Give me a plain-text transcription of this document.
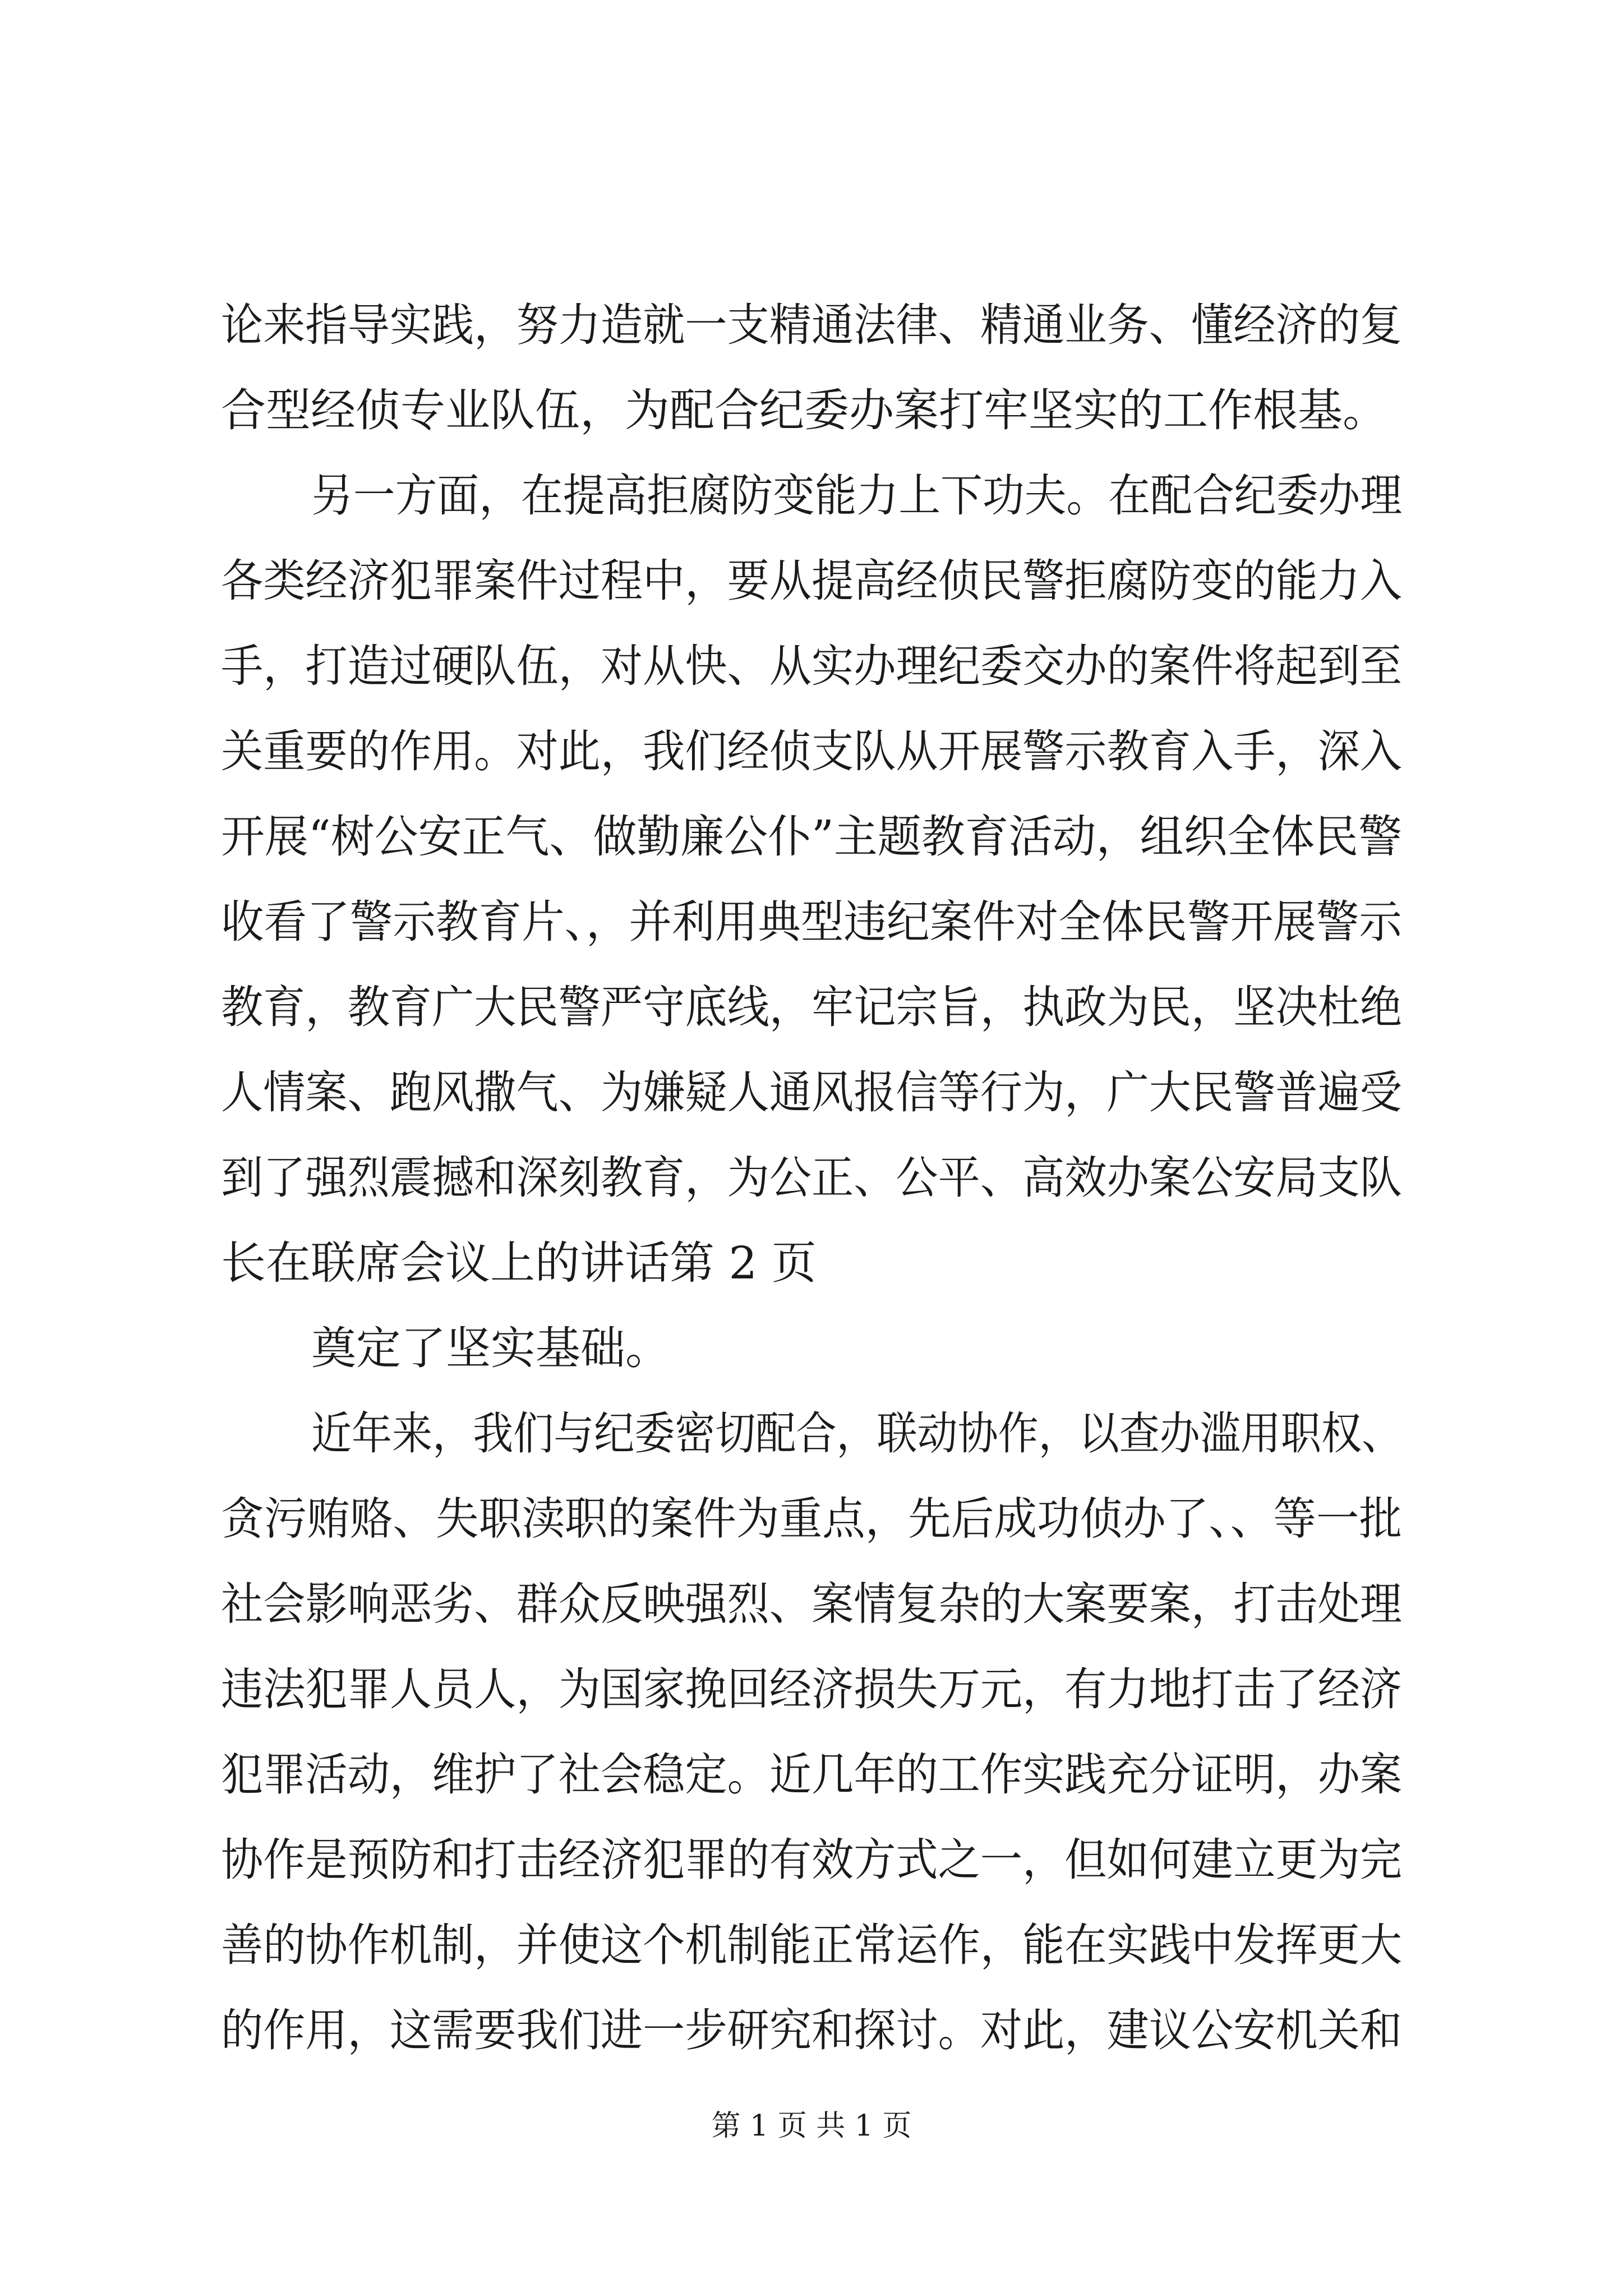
论来指导实践，努力造就一支精通法律、精通业务、懂经济的复
合型经侦专业队伍，为配合纪委办案打牢坚实的工作根基。
另一方面，在提高拒腐防变能力上下功夫。在配合纪委办理
各类经济犯罪案件过程中，要从提高经侦民警拒腐防变的能力入
手，打造过硬队伍，对从快、从实办理纪委交办的案件将起到至
关重要的作用。对此，我们经侦支队从开展警示教育入手，深入
开展“树公安正气、做勤廉公仆”主题教育活动，组织全体民警
收看了警示教育片、，并利用典型违纪案件对全体民警开展警示
教育，教育广大民警严守底线，牢记宗旨，执政为民，坚决杜绝
人情案、跑风撒气、为嫌疑人通风报信等行为，广大民警普遍受
到了强烈震撼和深刻教育，为公正、公平、高效办案公安局支队
长在联席会议上的讲话第 2 页
奠定了坚实基础。
近年来，我们与纪委密切配合，联动协作，以查办滥用职权、
贪污贿赂、失职渎职的案件为重点，先后成功侦办了、、等一批
社会影响恶劣、群众反映强烈、案情复杂的大案要案，打击处理
违法犯罪人员人，为国家挽回经济损失万元，有力地打击了经济
犯罪活动，维护了社会稳定。近几年的工作实践充分证明，办案
协作是预防和打击经济犯罪的有效方式之一，但如何建立更为完
善的协作机制，并使这个机制能正常运作，能在实践中发挥更大
的作用，这需要我们进一步研究和探讨。对此，建议公安机关和
第 1 页 共 1 页
